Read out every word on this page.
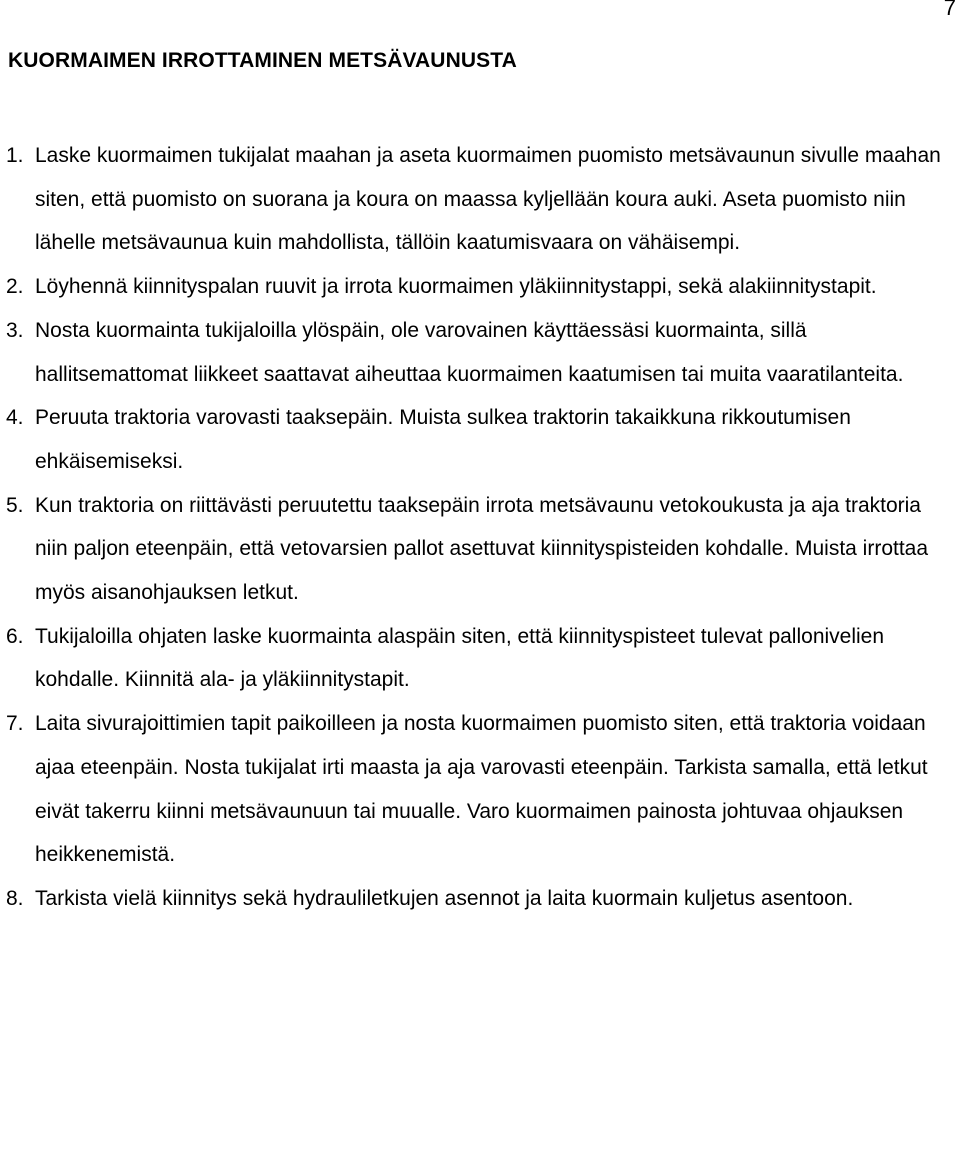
7
KUORMAIMEN IRROTTAMINEN METSÄVAUNUSTA
1. Laske kuormaimen tukijalat maahan ja aseta kuormaimen puomisto metsävaunun sivulle maahan siten, että puomisto on suorana ja koura on maassa kyljellään koura auki. Aseta puomisto niin lähelle metsävaunua kuin mahdollista, tällöin kaatumisvaara on vähäisempi.
2. Löyhennä kiinnityspalan ruuvit ja irrota kuormaimen yläkiinnitystappi, sekä alakiinnitystapit.
3. Nosta kuormainta tukijaloilla ylöspäin, ole varovainen käyttäessäsi kuormainta, sillä hallitsemattomat liikkeet saattavat aiheuttaa kuormaimen kaatumisen tai muita vaaratilanteita.
4. Peruuta traktoria varovasti taaksepäin. Muista sulkea traktorin takaikkuna rikkoutumisen ehkäisemiseksi.
5. Kun traktoria on riittävästi peruutettu taaksepäin irrota metsävaunu vetokoukusta ja aja traktoria niin paljon eteenpäin, että vetovarsien pallot asettuvat kiinnityspisteiden kohdalle. Muista irrottaa myös aisanohjauksen letkut.
6. Tukijaloilla ohjaten laske kuormainta alaspäin siten, että kiinnityspisteet tulevat pallonivelien kohdalle. Kiinnitä ala- ja yläkiinnitystapit.
7. Laita sivurajoittimien tapit paikoilleen ja nosta kuormaimen puomisto siten, että traktoria voidaan ajaa eteenpäin. Nosta tukijalat irti maasta ja aja varovasti eteenpäin. Tarkista samalla, että letkut eivät takerru kiinni metsävaunuun tai muualle. Varo kuormaimen painosta johtuvaa ohjauksen heikkenemistä.
8. Tarkista vielä kiinnitys sekä hydrauliletkujen asennot ja laita kuormain kuljetus asentoon.
